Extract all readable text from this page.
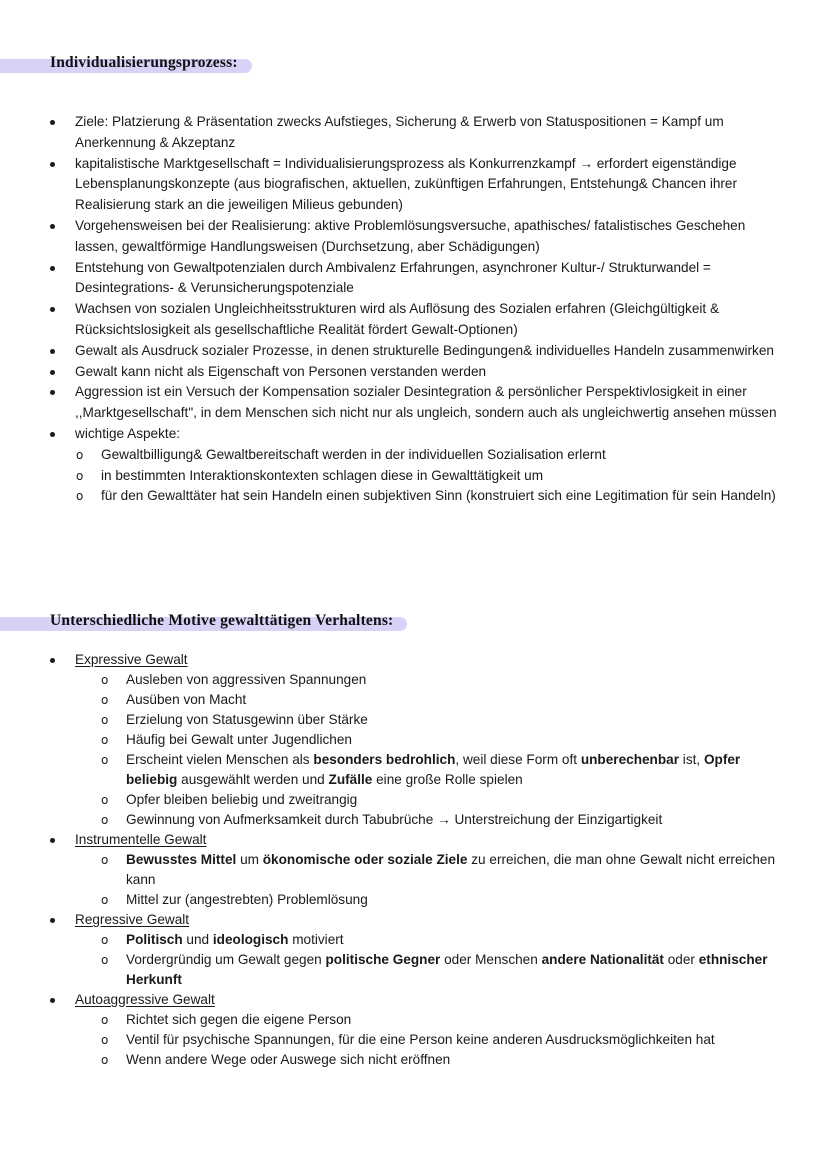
Individualisierungsprozess:
Ziele: Platzierung & Präsentation zwecks Aufstieges, Sicherung & Erwerb von Statuspositionen = Kampf um Anerkennung & Akzeptanz
kapitalistische Marktgesellschaft = Individualisierungsprozess als Konkurrenzkampf → erfordert eigenständige Lebensplanungskonzepte (aus biografischen, aktuellen, zukünftigen Erfahrungen, Entstehung& Chancen ihrer Realisierung stark an die jeweiligen Milieus gebunden)
Vorgehensweisen bei der Realisierung: aktive Problemlösungsversuche, apathisches/ fatalistisches Geschehen lassen, gewaltförmige Handlungsweisen (Durchsetzung, aber Schädigungen)
Entstehung von Gewaltpotenzialen durch Ambivalenz Erfahrungen, asynchroner Kultur-/ Strukturwandel = Desintegrations- & Verunsicherungspotenziale
Wachsen von sozialen Ungleichheitsstrukturen wird als Auflösung des Sozialen erfahren (Gleichgültigkeit & Rücksichtslosigkeit als gesellschaftliche Realität fördert Gewalt-Optionen)
Gewalt als Ausdruck sozialer Prozesse, in denen strukturelle Bedingungen& individuelles Handeln zusammenwirken
Gewalt kann nicht als Eigenschaft von Personen verstanden werden
Aggression ist ein Versuch der Kompensation sozialer Desintegration & persönlicher Perspektivlosigkeit in einer ,,Marktgesellschaft", in dem Menschen sich nicht nur als ungleich, sondern auch als ungleichwertig ansehen müssen
wichtige Aspekte:
o Gewaltbilligung& Gewaltbereitschaft werden in der individuellen Sozialisation erlernt
o in bestimmten Interaktionskontexten schlagen diese in Gewalttätigkeit um
o für den Gewalttäter hat sein Handeln einen subjektiven Sinn (konstruiert sich eine Legitimation für sein Handeln)
Unterschiedliche Motive gewalttätigen Verhaltens:
Expressive Gewalt
o Ausleben von aggressiven Spannungen
o Ausüben von Macht
o Erzielung von Statusgewinn über Stärke
o Häufig bei Gewalt unter Jugendlichen
o Erscheint vielen Menschen als besonders bedrohlich, weil diese Form oft unberechenbar ist, Opfer beliebig ausgewählt werden und Zufälle eine große Rolle spielen
o Opfer bleiben beliebig und zweitrangig
o Gewinnung von Aufmerksamkeit durch Tabubrüche → Unterstreichung der Einzigartigkeit
Instrumentelle Gewalt
o Bewusstes Mittel um ökonomische oder soziale Ziele zu erreichen, die man ohne Gewalt nicht erreichen kann
o Mittel zur (angestrebten) Problemlösung
Regressive Gewalt
o Politisch und ideologisch motiviert
o Vordergründig um Gewalt gegen politische Gegner oder Menschen andere Nationalität oder ethnischer Herkunft
Autoaggressive Gewalt
o Richtet sich gegen die eigene Person
o Ventil für psychische Spannungen, für die eine Person keine anderen Ausdrucksmöglichkeiten hat
o Wenn andere Wege oder Auswege sich nicht eröffnen
